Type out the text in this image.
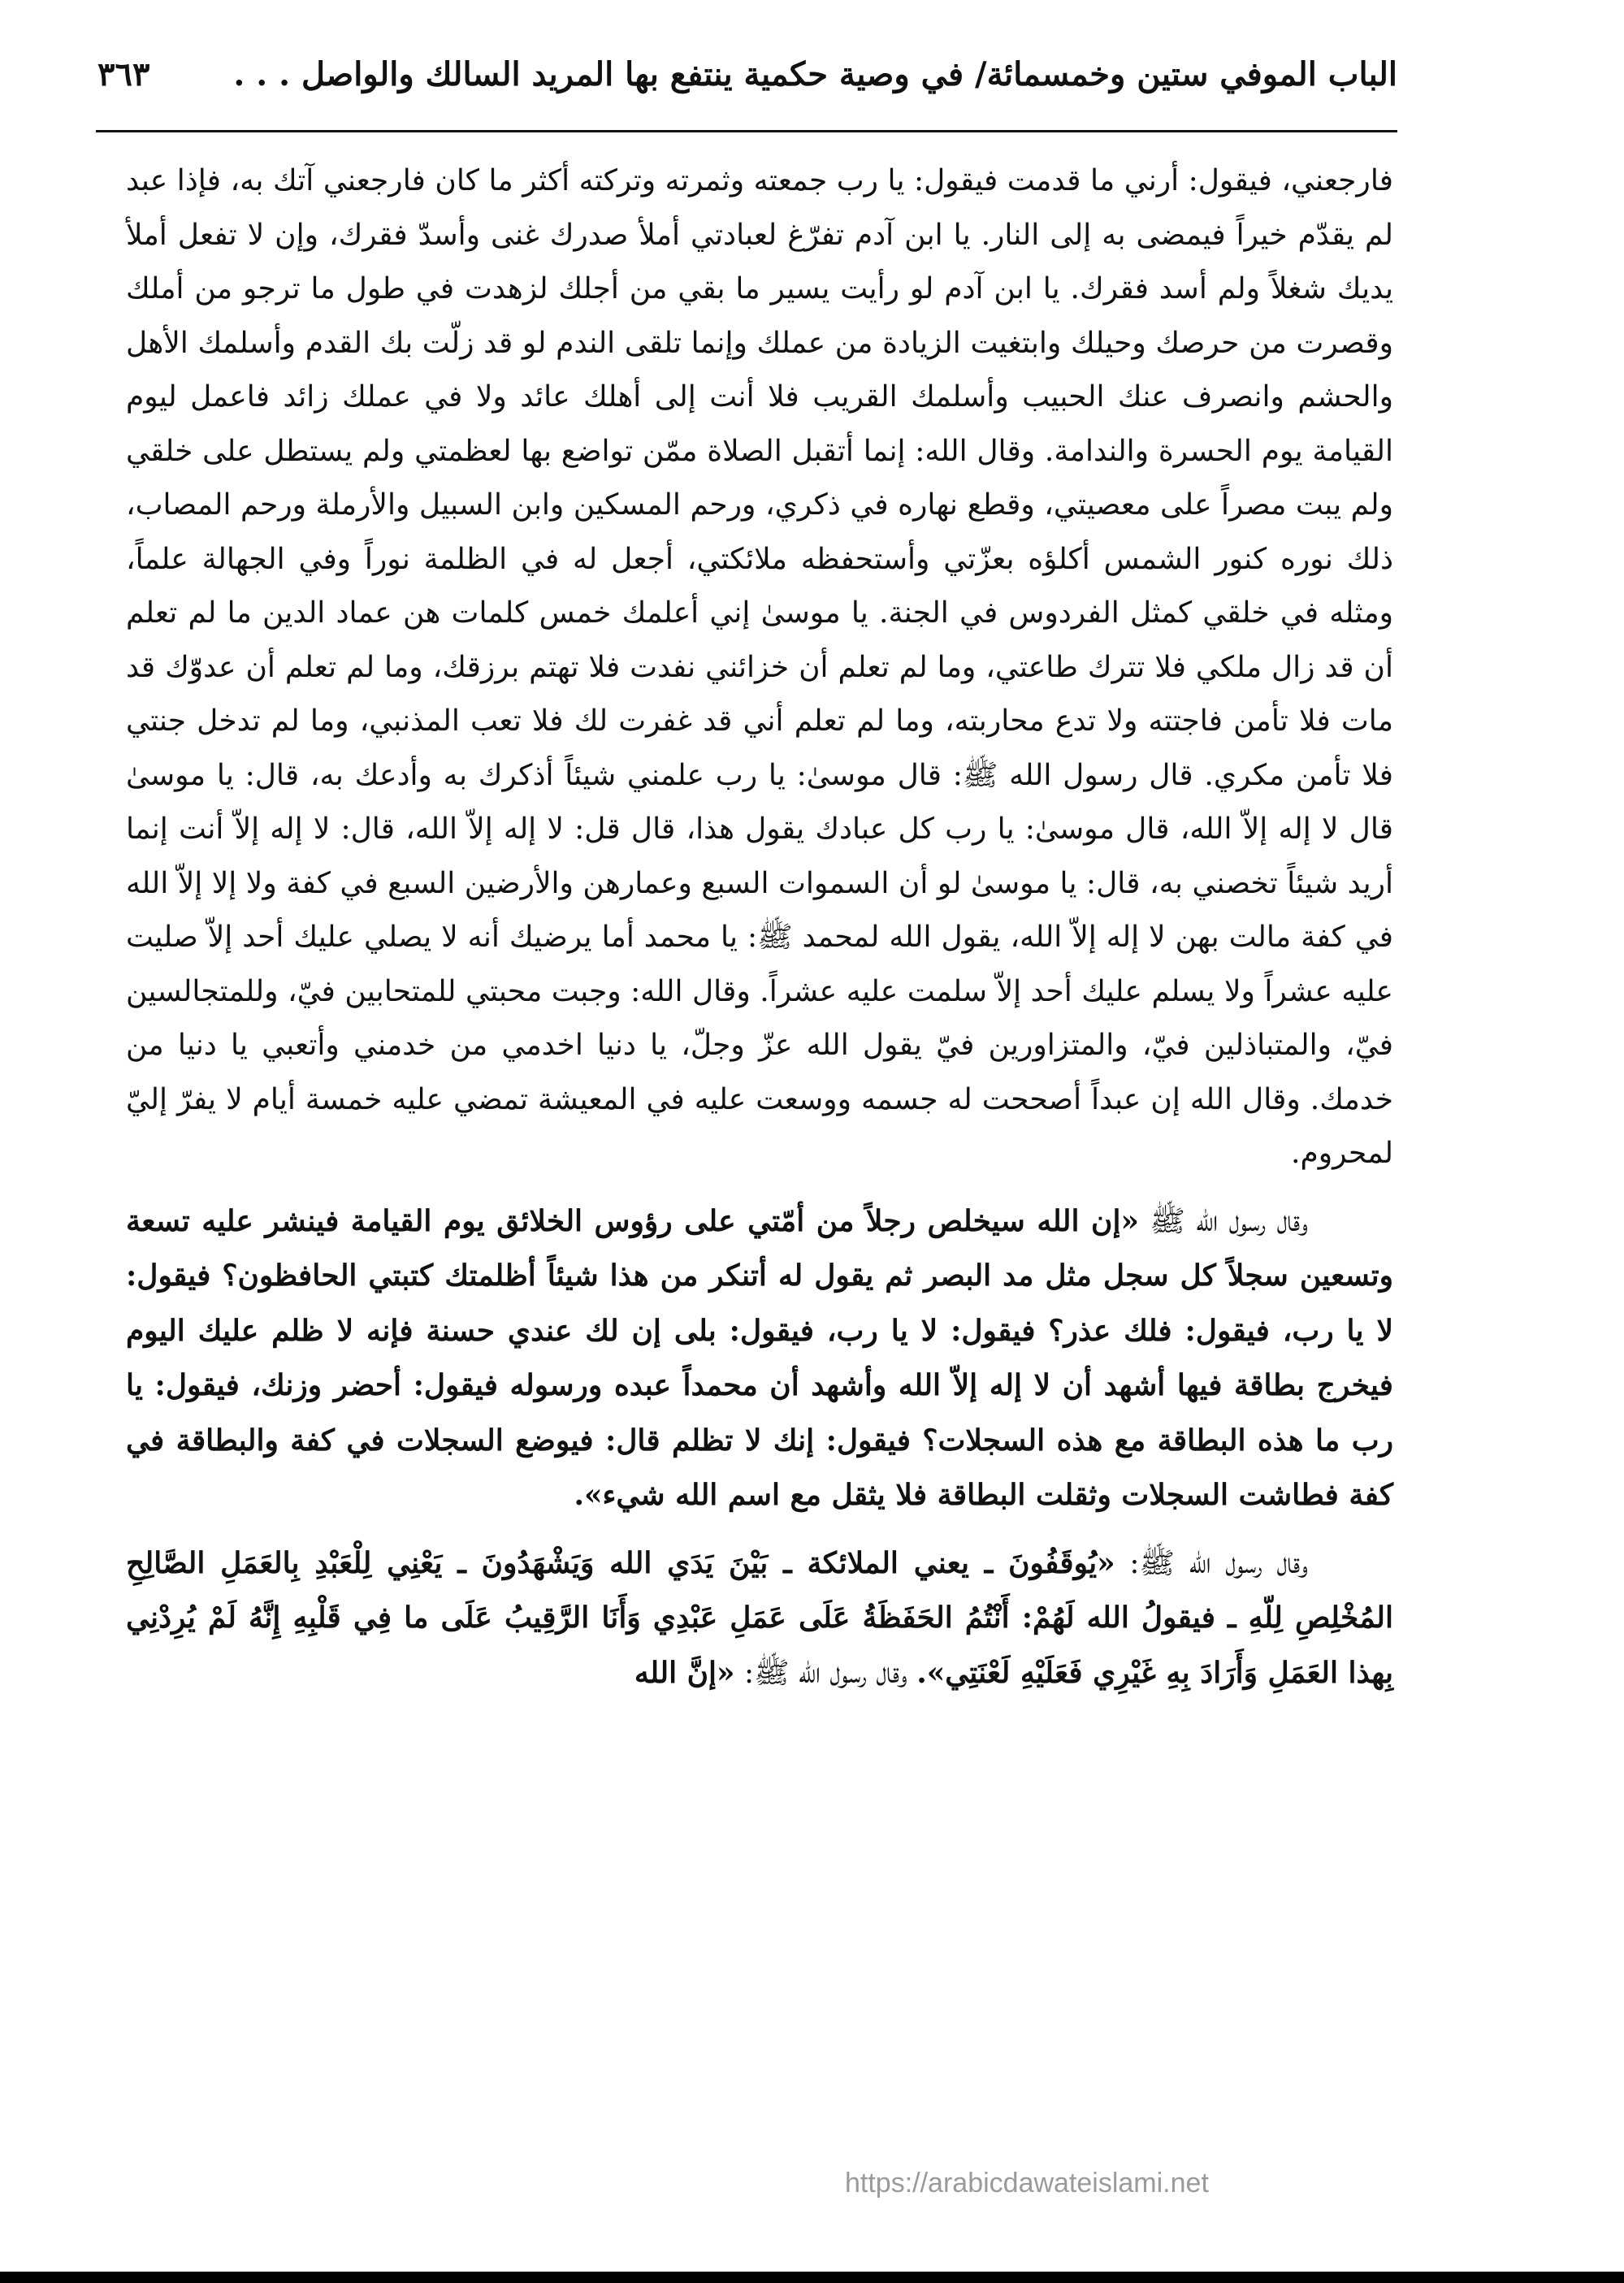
الباب الموفي ستين وخمسمائة/ في وصية حكمية ينتفع بها المريد السالك والواصل . . .
٣٦٣

فارجعني، فيقول: أرني ما قدمت فيقول: يا رب جمعته وثمرته وتركته أكثر ما كان فارجعني آتك به، فإذا عبد لم يقدّم خيراً فيمضى به إلى النار. يا ابن آدم تفرّغ لعبادتي أملأ صدرك غنى وأسدّ فقرك، وإن لا تفعل أملأ يديك شغلاً ولم أسد فقرك. يا ابن آدم لو رأيت يسير ما بقي من أجلك لزهدت في طول ما ترجو من أملك وقصرت من حرصك وحيلك وابتغيت الزيادة من عملك وإنما تلقى الندم لو قد زلّت بك القدم وأسلمك الأهل والحشم وانصرف عنك الحبيب وأسلمك القريب فلا أنت إلى أهلك عائد ولا في عملك زائد فاعمل ليوم القيامة يوم الحسرة والندامة. وقال الله: إنما أتقبل الصلاة ممّن تواضع بها لعظمتي ولم يستطل على خلقي ولم يبت مصراً على معصيتي، وقطع نهاره في ذكري، ورحم المسكين وابن السبيل والأرملة ورحم المصاب، ذلك نوره كنور الشمس أكلؤه بعزّتي وأستحفظه ملائكتي، أجعل له في الظلمة نوراً وفي الجهالة علماً، ومثله في خلقي كمثل الفردوس في الجنة. يا موسىٰ إني أعلمك خمس كلمات هن عماد الدين ما لم تعلم أن قد زال ملكي فلا تترك طاعتي، وما لم تعلم أن خزائني نفدت فلا تهتم برزقك، وما لم تعلم أن عدوّك قد مات فلا تأمن فاجتته ولا تدع محاربته، وما لم تعلم أني قد غفرت لك فلا تعب المذنبي، وما لم تدخل جنتي فلا تأمن مكري. قال رسول الله ﷺ: قال موسىٰ: يا رب علمني شيئاً أذكرك به وأدعك به، قال: يا موسىٰ قال لا إله إلاّ الله، قال موسىٰ: يا رب كل عبادك يقول هذا، قال قل: لا إله إلاّ الله، قال: لا إله إلاّ أنت إنما أريد شيئاً تخصني به، قال: يا موسىٰ لو أن السموات السبع وعمارهن والأرضين السبع في كفة ولا إلا إلاّ الله في كفة مالت بهن لا إله إلاّ الله، يقول الله لمحمد ﷺ: يا محمد أما يرضيك أنه لا يصلي عليك أحد إلاّ صليت عليه عشراً ولا يسلم عليك أحد إلاّ سلمت عليه عشراً. وقال الله: وجبت محبتي للمتحابين فيّ، وللمتجالسين فيّ، والمتباذلين فيّ، والمتزاورين فيّ يقول الله عزّ وجلّ، يا دنيا اخدمي من خدمني وأتعبي يا دنيا من خدمك. وقال الله إن عبداً أصححت له جسمه ووسعت عليه في المعيشة تمضي عليه خمسة أيام لا يفرّ إليّ لمحروم.

وقال رسول الله ﷺ «إن الله سيخلص رجلاً من أمّتي على رؤوس الخلائق يوم القيامة فينشر عليه تسعة وتسعين سجلاً كل سجل مثل مد البصر ثم يقول له أتنكر من هذا شيئاً أظلمتك كتبتي الحافظون؟ فيقول: لا يا رب، فيقول: فلك عذر؟ فيقول: لا يا رب، فيقول: بلى إن لك عندي حسنة فإنه لا ظلم عليك اليوم فيخرج بطاقة فيها أشهد أن لا إله إلاّ الله وأشهد أن محمداً عبده ورسوله فيقول: أحضر وزنك، فيقول: يا رب ما هذه البطاقة مع هذه السجلات؟ فيقول: إنك لا تظلم قال: فيوضع السجلات في كفة والبطاقة في كفة فطاشت السجلات وثقلت البطاقة فلا يثقل مع اسم الله شيء».

وقال رسول الله ﷺ: «يُوقَفُونَ ـ يعني الملائكة ـ بَيْنَ يَدَي الله وَيَشْهَدُونَ ـ يَعْنِي لِلْعَبْدِ بِالعَمَلِ الصَّالِحِ المُخْلِصِ لِلّهِ ـ فيقولُ الله لَهُمْ: أَنْتُمُ الحَفَظَةُ عَلَى عَمَلِ عَبْدِي وَأَنَا الرَّقِيبُ عَلَى ما فِي قَلْبِهِ إِنَّهُ لَمْ يُرِدْنِي بِهذا العَمَلِ وَأَرَادَ بِهِ غَيْرِي فَعَلَيْهِ لَعْنَتِي». وقال رسول الله ﷺ: «إنَّ الله

https://arabicdawateislami.net
